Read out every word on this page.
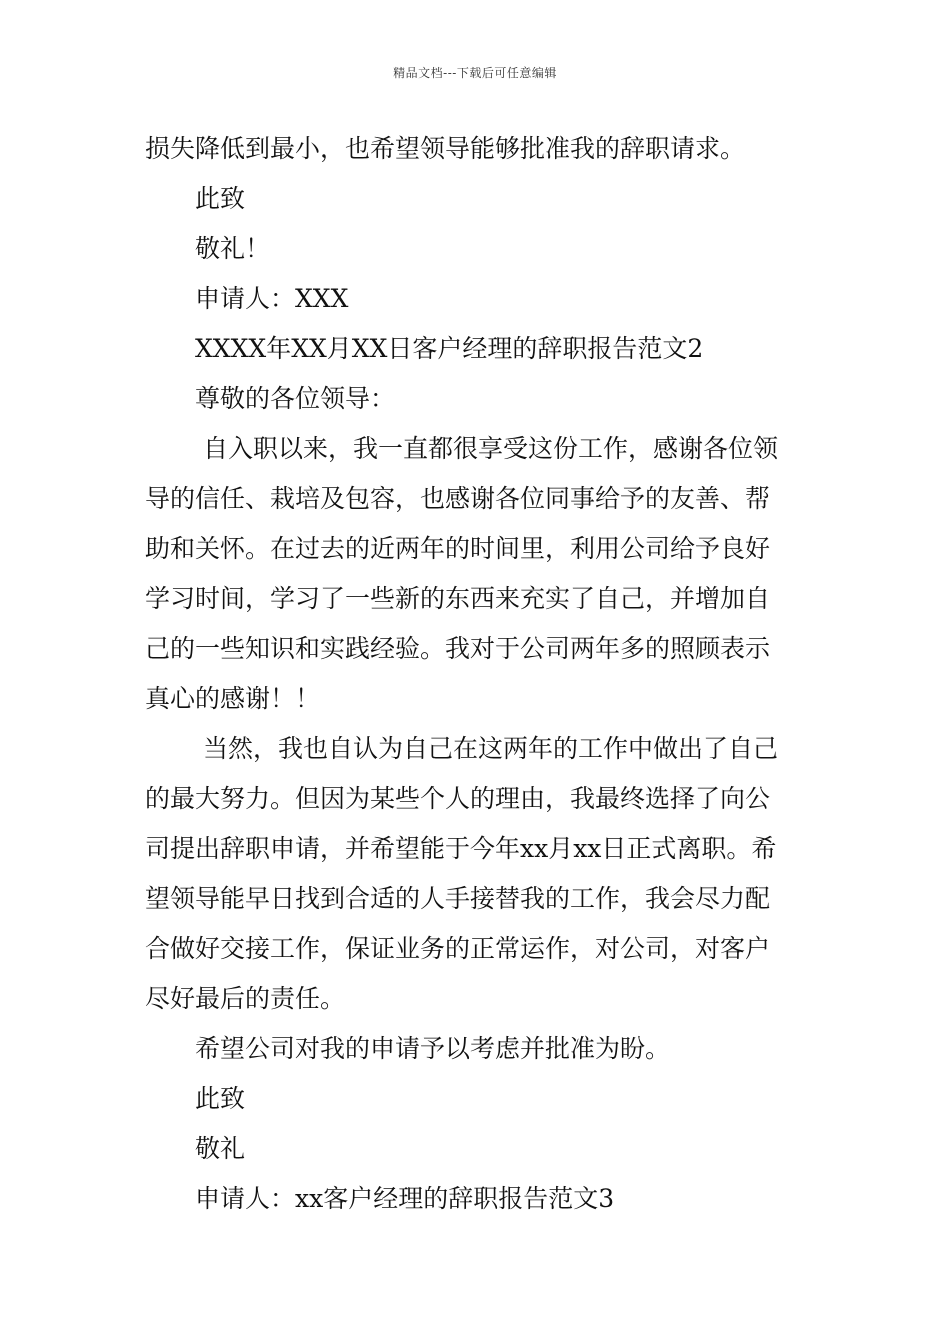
精品文档---下载后可任意编辑
损失降低到最小，也希望领导能够批准我的辞职请求。
此致
敬礼！
申请人：XXX
XXXX年XX月XX日客户经理的辞职报告范文2
尊敬的各位领导：
自入职以来，我一直都很享受这份工作，感谢各位领
导的信任、栽培及包容，也感谢各位同事给予的友善、帮
助和关怀。在过去的近两年的时间里，利用公司给予良好
学习时间，学习了一些新的东西来充实了自己，并增加自
己的一些知识和实践经验。我对于公司两年多的照顾表示
真心的感谢！！
当然，我也自认为自己在这两年的工作中做出了自己
的最大努力。但因为某些个人的理由，我最终选择了向公
司提出辞职申请，并希望能于今年xx月xx日正式离职。希
望领导能早日找到合适的人手接替我的工作，我会尽力配
合做好交接工作，保证业务的正常运作，对公司，对客户
尽好最后的责任。
希望公司对我的申请予以考虑并批准为盼。
此致
敬礼
申请人：xx客户经理的辞职报告范文3
